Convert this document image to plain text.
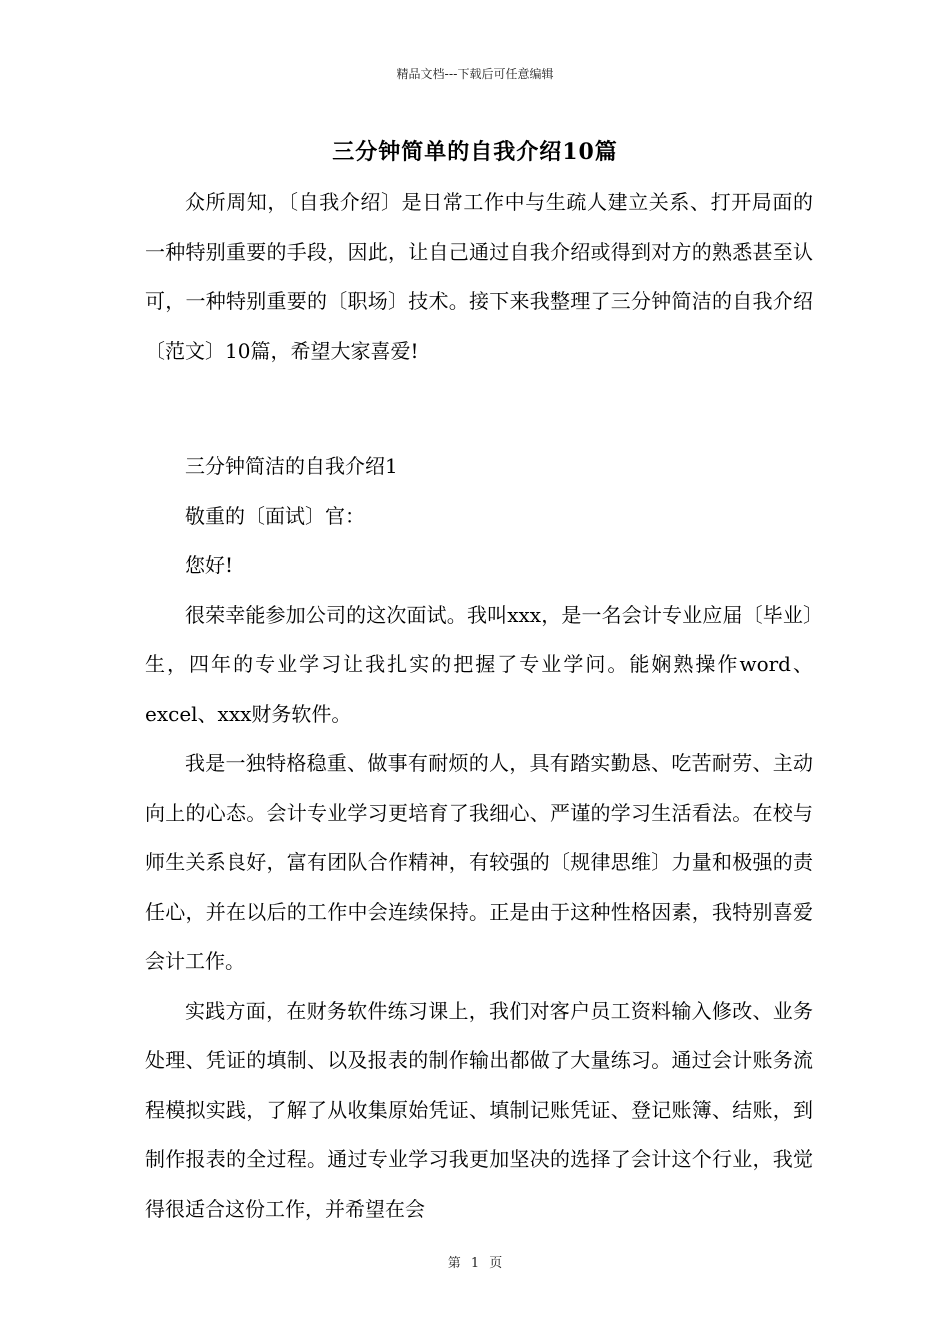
精品文档---下载后可任意编辑
三分钟简单的自我介绍10篇

众所周知，〔自我介绍〕是日常工作中与生疏人建立关系、打开局面的一种特别重要的手段，因此，让自己通过自我介绍或得到对方的熟悉甚至认可，一种特别重要的〔职场〕技术。接下来我整理了三分钟简洁的自我介绍〔范文〕10篇，希望大家喜爱!

三分钟简洁的自我介绍1

敬重的〔面试〕官：

您好!

很荣幸能参加公司的这次面试。我叫xxx，是一名会计专业应届〔毕业〕生，四年的专业学习让我扎实的把握了专业学问。能娴熟操作word、excel、xxx财务软件。

我是一独特格稳重、做事有耐烦的人，具有踏实勤恳、吃苦耐劳、主动向上的心态。会计专业学习更培育了我细心、严谨的学习生活看法。在校与师生关系良好，富有团队合作精神，有较强的〔规律思维〕力量和极强的责任心，并在以后的工作中会连续保持。正是由于这种性格因素，我特别喜爱会计工作。

实践方面，在财务软件练习课上，我们对客户员工资料输入修改、业务处理、凭证的填制、以及报表的制作输出都做了大量练习。通过会计账务流程模拟实践，了解了从收集原始凭证、填制记账凭证、登记账簿、结账，到制作报表的全过程。通过专业学习我更加坚决的选择了会计这个行业，我觉得很适合这份工作，并希望在会

第 1 页
